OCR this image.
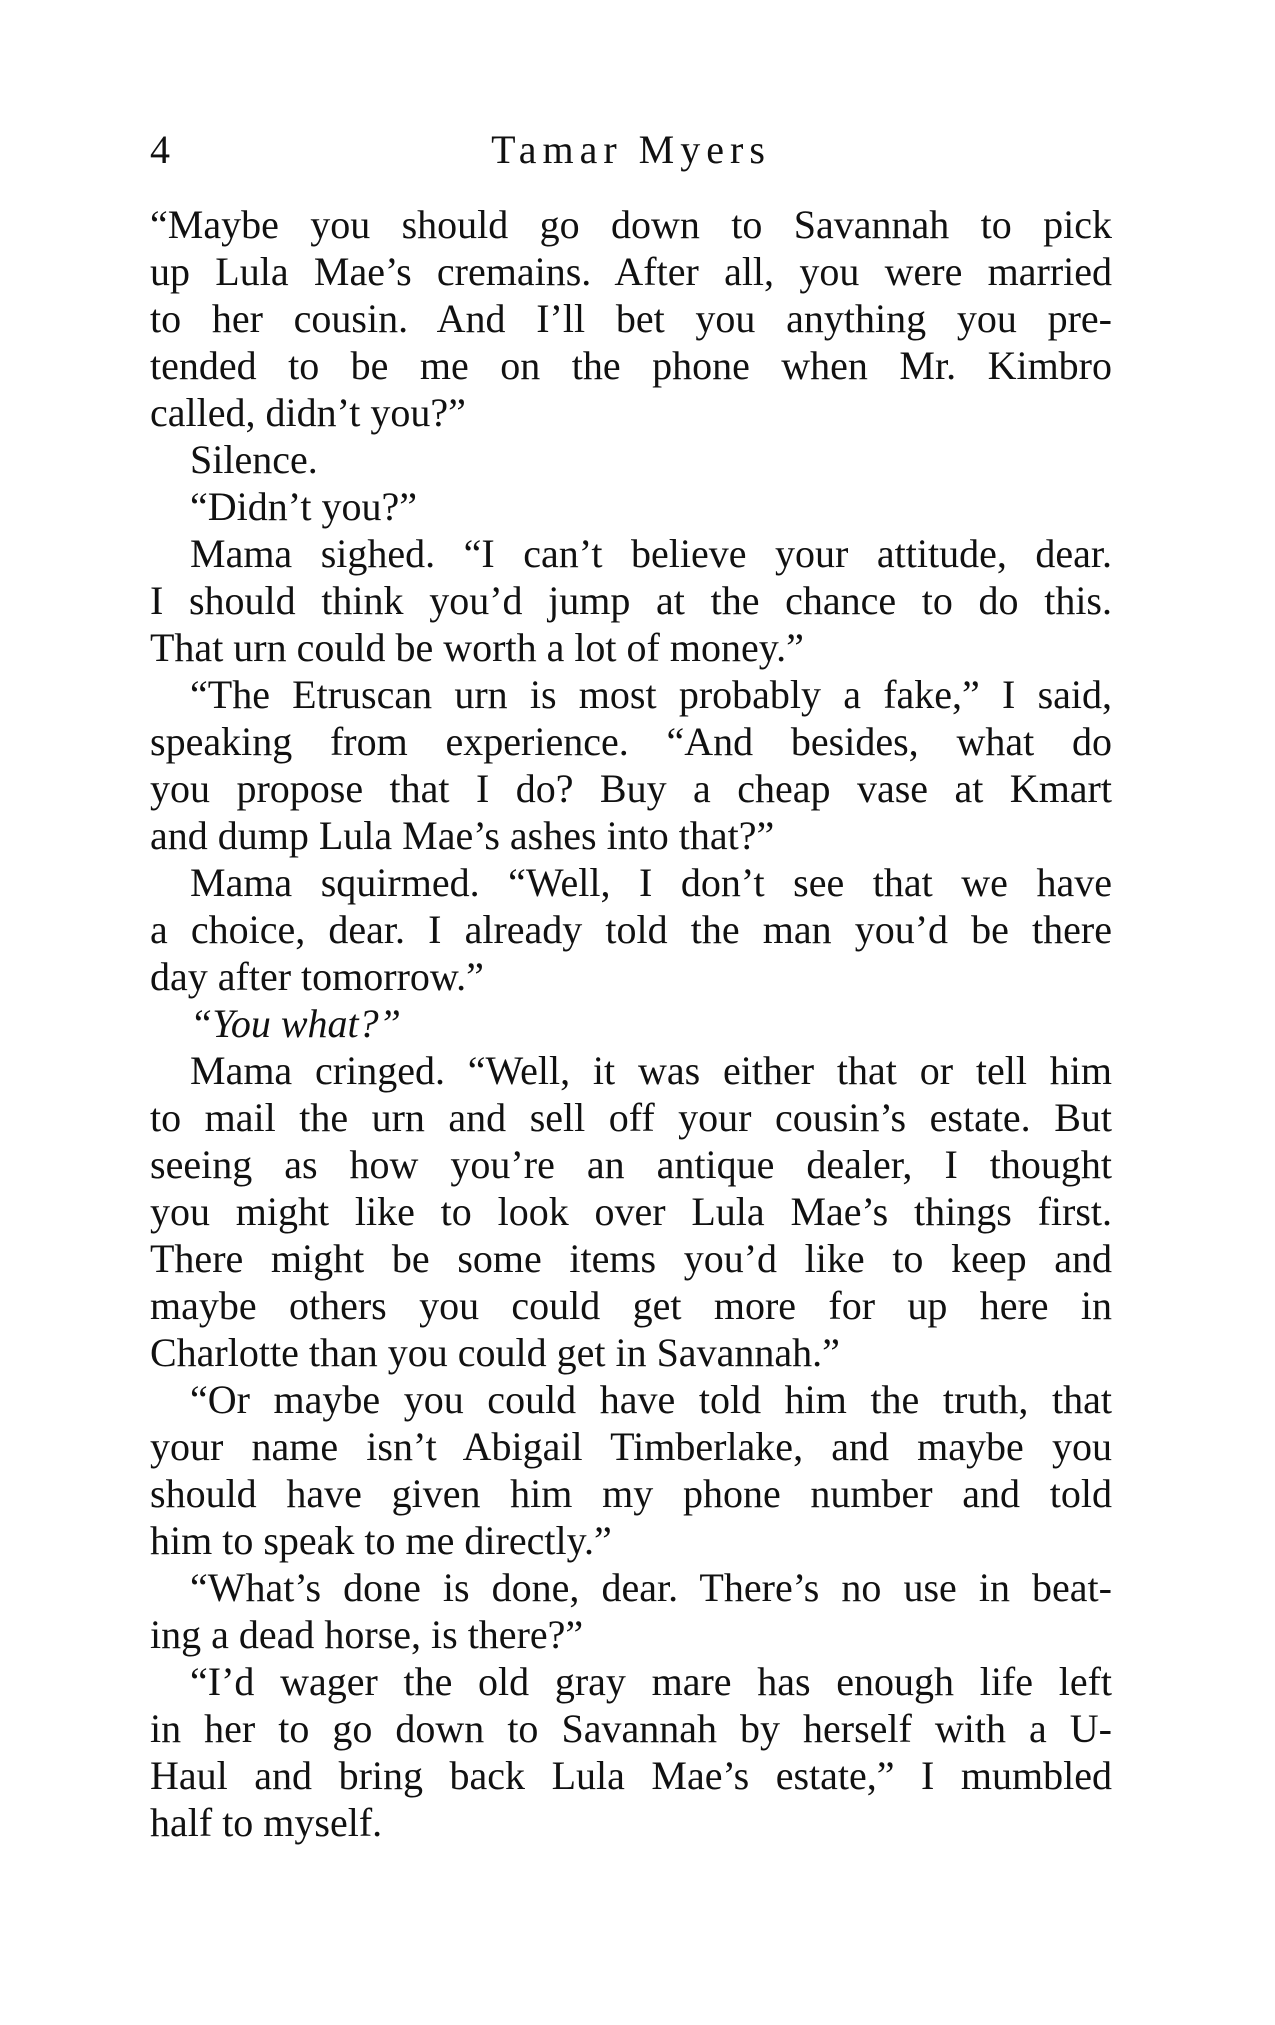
4	Tamar Myers
“Maybe you should go down to Savannah to pick
up Lula Mae’s cremains. After all, you were married
to her cousin. And I’ll bet you anything you pre-
tended to be me on the phone when Mr. Kimbro
called, didn’t you?”
Silence.
“Didn’t you?”
Mama sighed. “I can’t believe your attitude, dear.
I should think you’d jump at the chance to do this.
That urn could be worth a lot of money.”
“The Etruscan urn is most probably a fake,” I said,
speaking from experience. “And besides, what do
you propose that I do? Buy a cheap vase at Kmart
and dump Lula Mae’s ashes into that?”
Mama squirmed. “Well, I don’t see that we have
a choice, dear. I already told the man you’d be there
day after tomorrow.”
“You what?”
Mama cringed. “Well, it was either that or tell him
to mail the urn and sell off your cousin’s estate. But
seeing as how you’re an antique dealer, I thought
you might like to look over Lula Mae’s things first.
There might be some items you’d like to keep and
maybe others you could get more for up here in
Charlotte than you could get in Savannah.”
“Or maybe you could have told him the truth, that
your name isn’t Abigail Timberlake, and maybe you
should have given him my phone number and told
him to speak to me directly.”
“What’s done is done, dear. There’s no use in beat-
ing a dead horse, is there?”
“I’d wager the old gray mare has enough life left
in her to go down to Savannah by herself with a U-
Haul and bring back Lula Mae’s estate,” I mumbled
half to myself.
